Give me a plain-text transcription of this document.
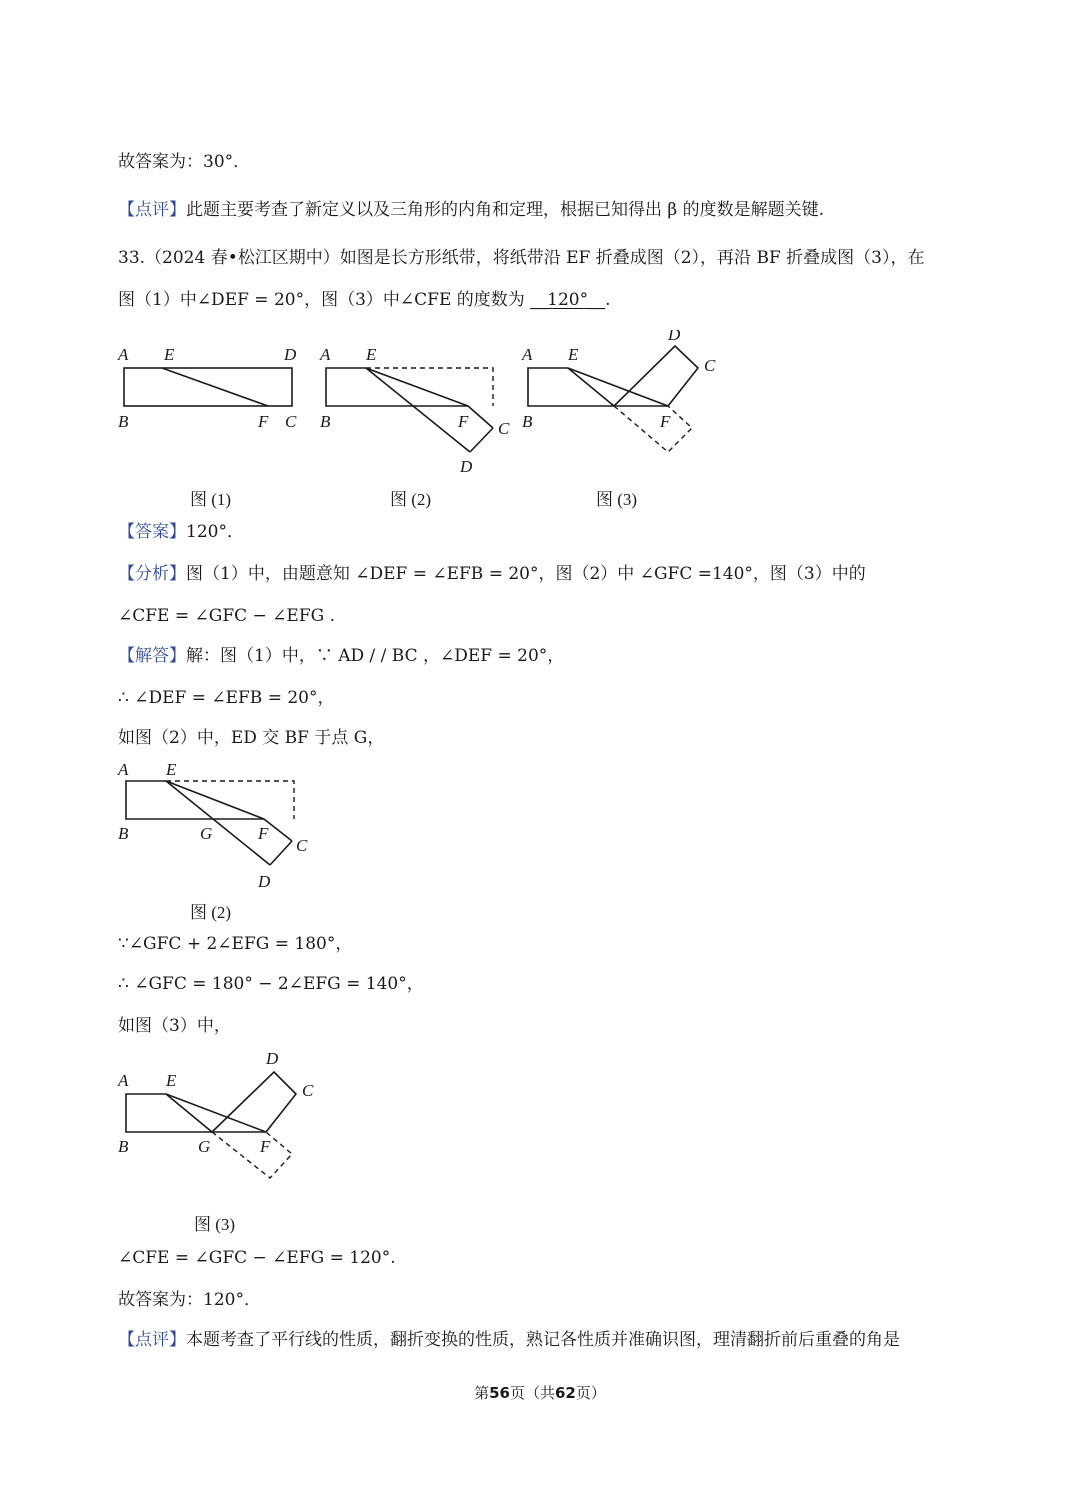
故答案为：30°．
【点评】此题主要考查了新定义以及三角形的内角和定理，根据已知得出 β 的度数是解题关键.
33.（2024 春•松江区期中）如图是长方形纸带，将纸带沿 EF 折叠成图（2），再沿 BF 折叠成图（3），在
图（1）中∠DEF = 20°，图（3）中∠CFE 的度数为 __120°__.
A E	D
B	F C
A E
B	F C
D
A E
B	F
C
D
图 (1)	图 (2)	图 (3)
【答案】120°．
【分析】图（1）中，由题意知 ∠DEF = ∠EFB = 20°，图（2）中 ∠GFC =140°，图（3）中的
∠CFE = ∠GFC − ∠EFG .
【解答】解：图（1）中，∵ AD / / BC ，∠DEF = 20°，
∴ ∠DEF = ∠EFB = 20°，
如图（2）中，ED 交 BF 于点 G，
A E
B	G	F
C
D
图 (2)
∵∠GFC + 2∠EFG = 180°，
∴ ∠GFC = 180° − 2∠EFG = 140°，
如图（3）中，
A E
B	G	F
C
D
图 (3)
∠CFE = ∠GFC − ∠EFG = 120°.
故答案为：120°．
【点评】本题考查了平行线的性质，翻折变换的性质，熟记各性质并准确识图，理清翻折前后重叠的角是
第56页（共62页）
